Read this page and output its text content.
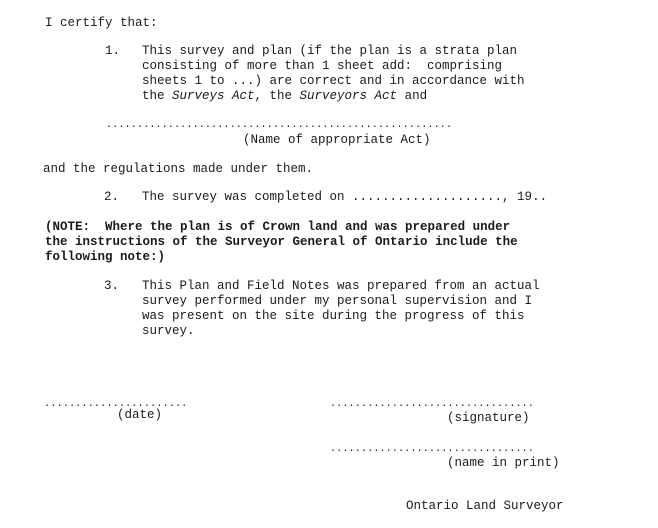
I certify that:
1. This survey and plan (if the plan is a strata plan
consisting of more than 1 sheet add:  comprising
sheets 1 to ...) are correct and in accordance with
the Surveys Act, the Surveyors Act and
........................................................
(Name of appropriate Act)
and the regulations made under them.
2. The survey was completed on ...................., 19..
(NOTE:  Where the plan is of Crown land and was prepared under
the instructions of the Surveyor General of Ontario include the
following note:)
3. This Plan and Field Notes was prepared from an actual
survey performed under my personal supervision and I
was present on the site during the progress of this
survey.
.......................
(date)
.................................
(signature)
.................................
(name in print)
Ontario Land Surveyor
